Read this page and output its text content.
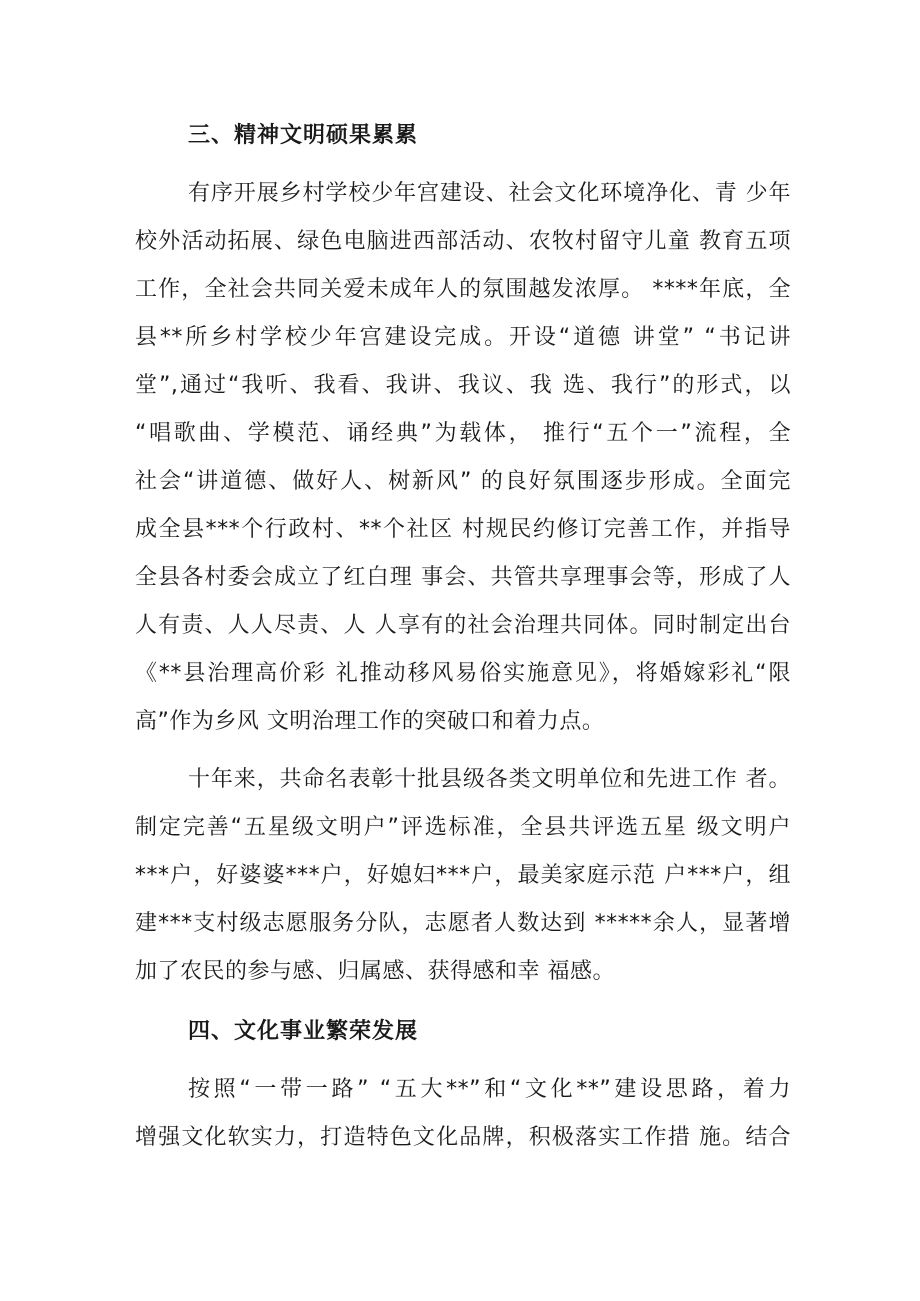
三、精神文明硕果累累
有序开展乡村学校少年宫建设、社会文化环境净化、青 少年
校外活动拓展、绿色电脑进西部活动、农牧村留守儿童 教育五项
工作，全社会共同关爱未成年人的氛围越发浓厚。 ****年底，全
县**所乡村学校少年宫建设完成。开设“道德 讲堂” “书记讲
堂”,通过“我听、我看、我讲、我议、我 选、我行”的形式，以
“唱歌曲、学模范、诵经典”为载体， 推行“五个一”流程，全
社会“讲道德、做好人、树新风” 的良好氛围逐步形成。全面完
成全县***个行政村、**个社区 村规民约修订完善工作，并指导
全县各村委会成立了红白理 事会、共管共享理事会等，形成了人
人有责、人人尽责、人 人享有的社会治理共同体。同时制定出台
《**县治理高价彩 礼推动移风易俗实施意见》，将婚嫁彩礼“限
高”作为乡风 文明治理工作的突破口和着力点。
十年来，共命名表彰十批县级各类文明单位和先进工作 者。
制定完善“五星级文明户”评选标准，全县共评选五星 级文明户
***户，好婆婆***户，好媳妇***户，最美家庭示范 户***户，组
建***支村级志愿服务分队，志愿者人数达到 *****余人，显著增
加了农民的参与感、归属感、获得感和幸 福感。
四、文化事业繁荣发展
按照“一带一路” “五大**”和“文化**”建设思路，着力
增强文化软实力，打造特色文化品牌，积极落实工作措 施。结合
